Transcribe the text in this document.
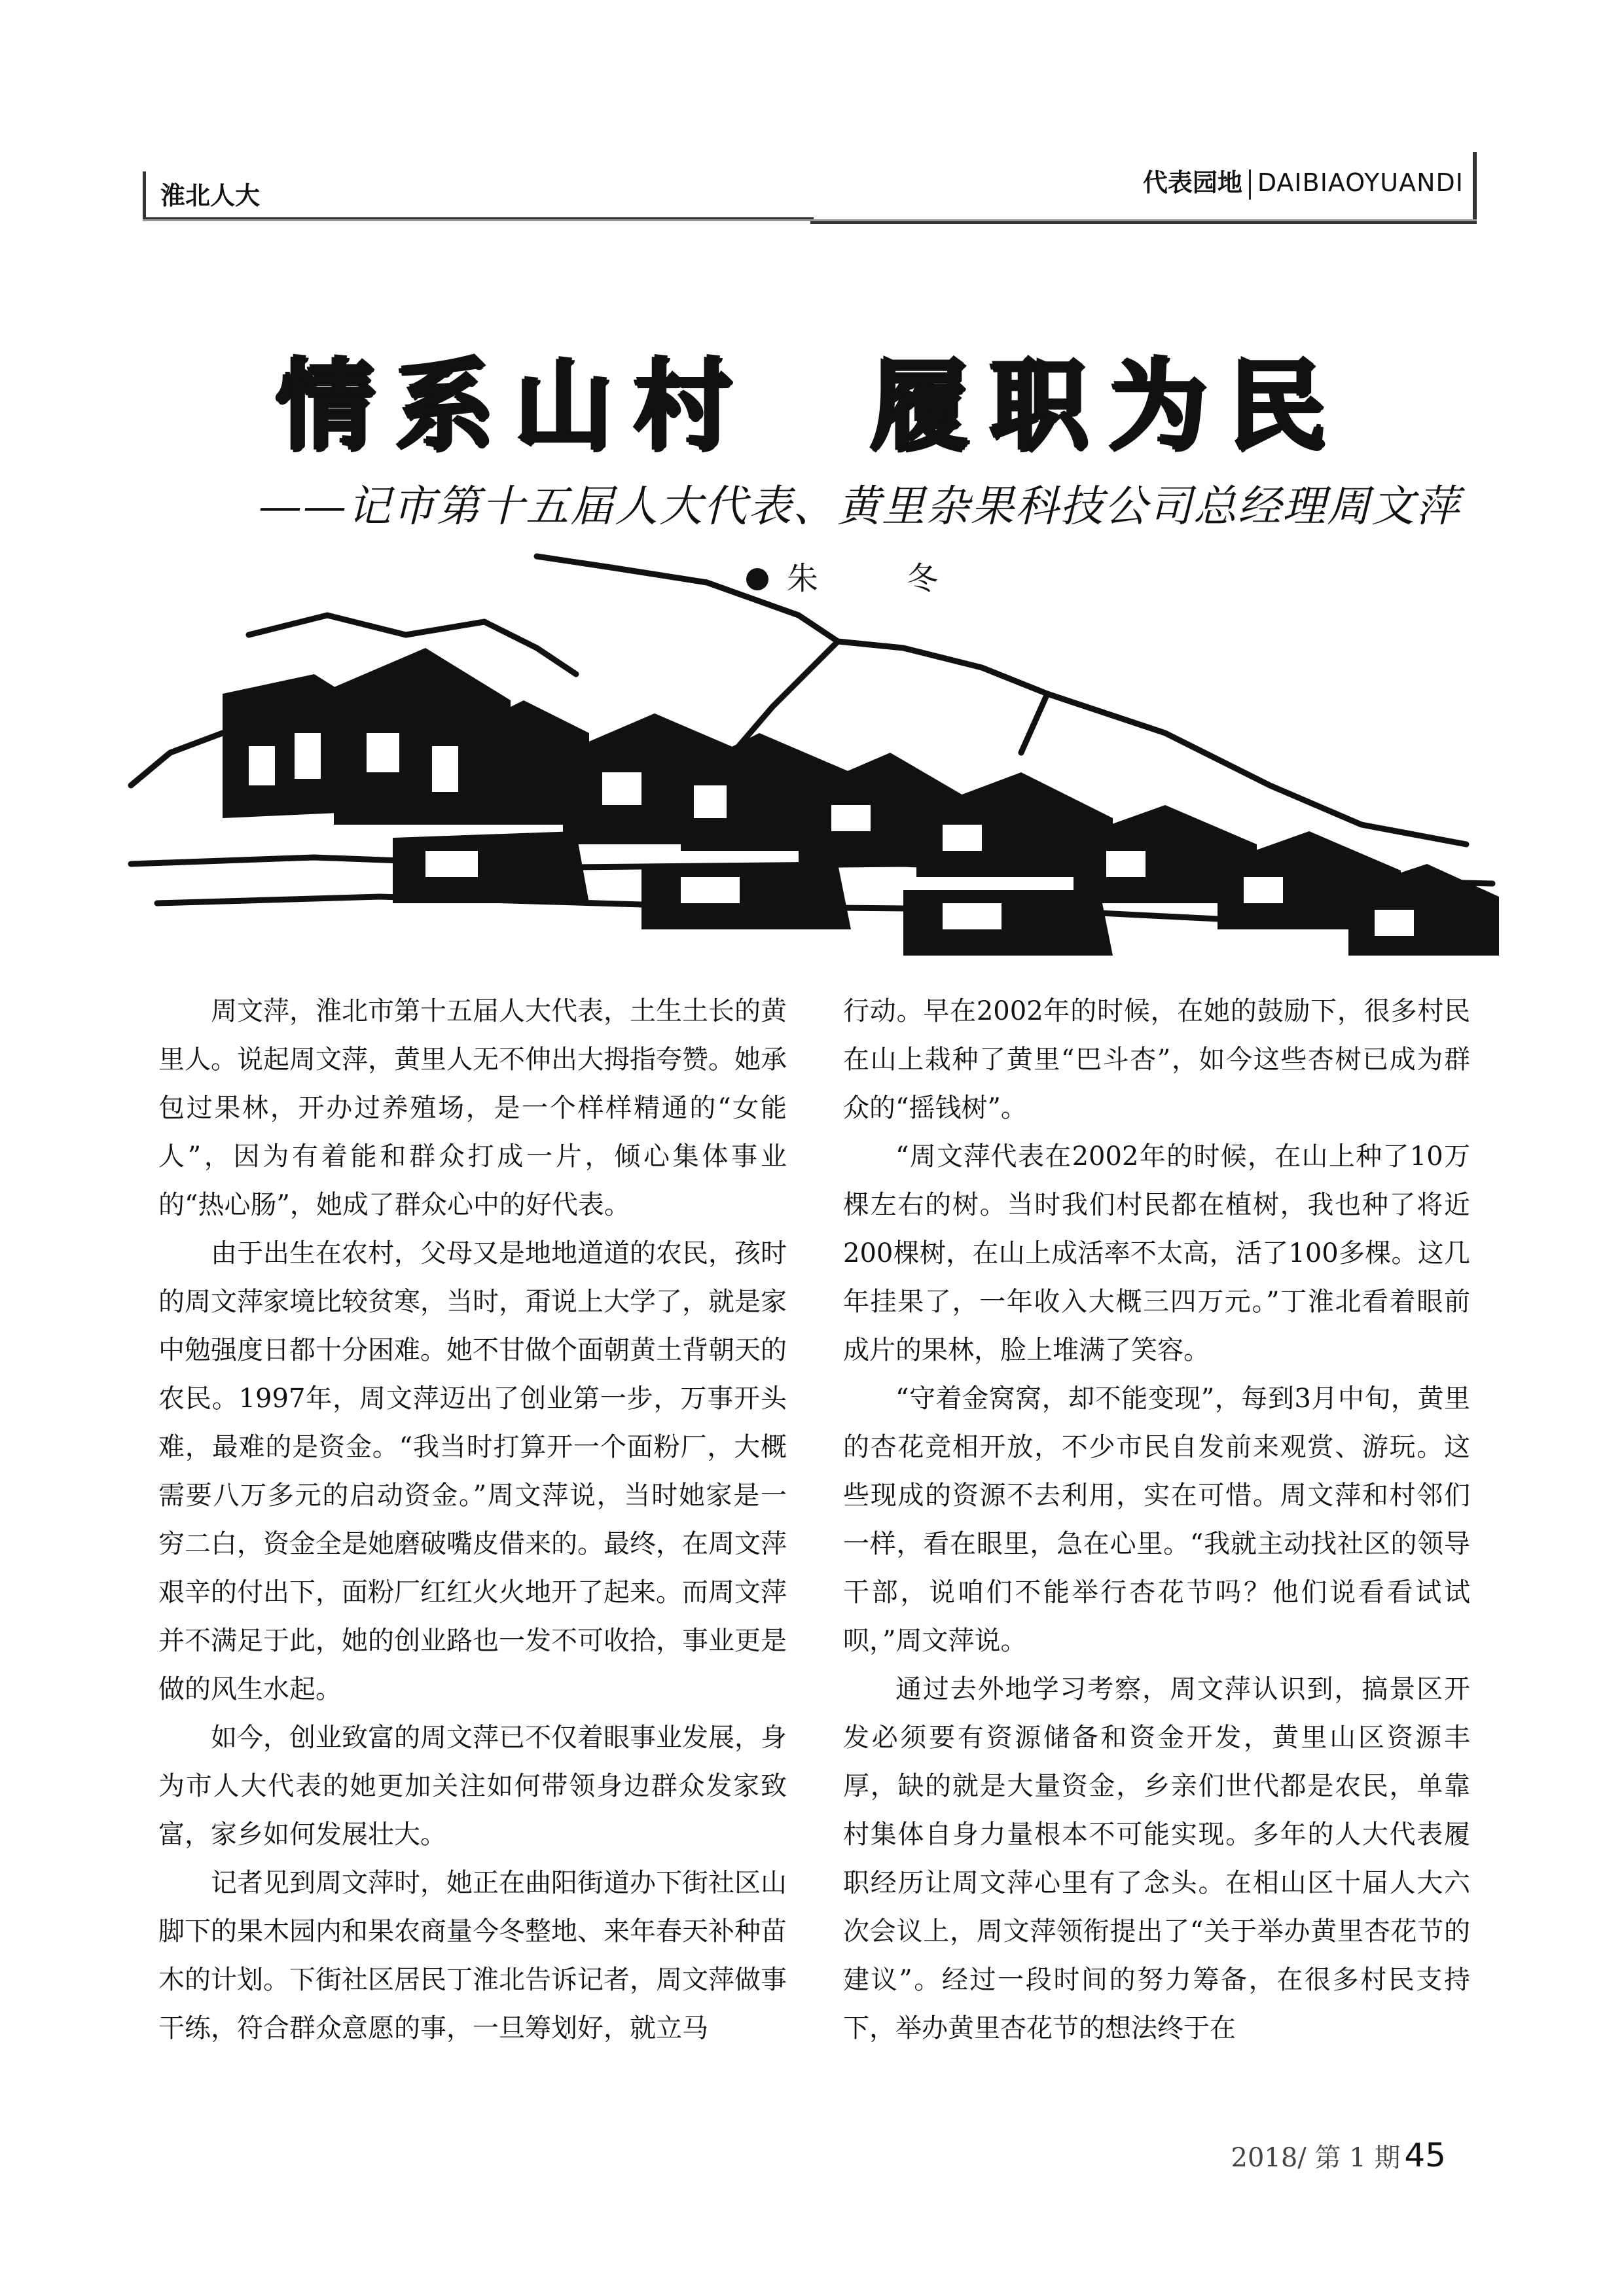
淮北人大	代表园地 DAIBIAOYUANDI
情系山村 履职为民
——记市第十五届人大代表、黄里杂果科技公司总经理周文萍
朱 冬

周文萍，淮北市第十五届人大代表，土生土长的黄里人。说起周文萍，黄里人无不伸出大拇指夸赞。她承包过果林，开办过养殖场，是一个样样精通的“女能人”，因为有着能和群众打成一片，倾心集体事业的“热心肠”，她成了群众心中的好代表。

由于出生在农村，父母又是地地道道的农民，孩时的周文萍家境比较贫寒，当时，甭说上大学了，就是家中勉强度日都十分困难。她不甘做个面朝黄土背朝天的农民。1997年，周文萍迈出了创业第一步，万事开头难，最难的是资金。“我当时打算开一个面粉厂，大概需要八万多元的启动资金。”周文萍说，当时她家是一穷二白，资金全是她磨破嘴皮借来的。最终，在周文萍艰辛的付出下，面粉厂红红火火地开了起来。而周文萍并不满足于此，她的创业路也一发不可收拾，事业更是做的风生水起。

如今，创业致富的周文萍已不仅着眼事业发展，身为市人大代表的她更加关注如何带领身边群众发家致富，家乡如何发展壮大。

记者见到周文萍时，她正在曲阳街道办下街社区山脚下的果木园内和果农商量今冬整地、来年春天补种苗木的计划。下街社区居民丁淮北告诉记者，周文萍做事干练，符合群众意愿的事，一旦筹划好，就立马

行动。早在2002年的时候，在她的鼓励下，很多村民在山上栽种了黄里“巴斗杏”，如今这些杏树已成为群众的“摇钱树”。

“周文萍代表在2002年的时候，在山上种了10万棵左右的树。当时我们村民都在植树，我也种了将近200棵树，在山上成活率不太高，活了100多棵。这几年挂果了，一年收入大概三四万元。”丁淮北看着眼前成片的果林，脸上堆满了笑容。

“守着金窝窝，却不能变现”，每到3月中旬，黄里的杏花竞相开放，不少市民自发前来观赏、游玩。这些现成的资源不去利用，实在可惜。周文萍和村邻们一样，看在眼里，急在心里。“我就主动找社区的领导干部，说咱们不能举行杏花节吗？他们说看看试试呗，”周文萍说。

通过去外地学习考察，周文萍认识到，搞景区开发必须要有资源储备和资金开发，黄里山区资源丰厚，缺的就是大量资金，乡亲们世代都是农民，单靠村集体自身力量根本不可能实现。多年的人大代表履职经历让周文萍心里有了念头。在相山区十届人大六次会议上，周文萍领衔提出了“关于举办黄里杏花节的建议”。经过一段时间的努力筹备，在很多村民支持下，举办黄里杏花节的想法终于在

2018/ 第 1 期 45
